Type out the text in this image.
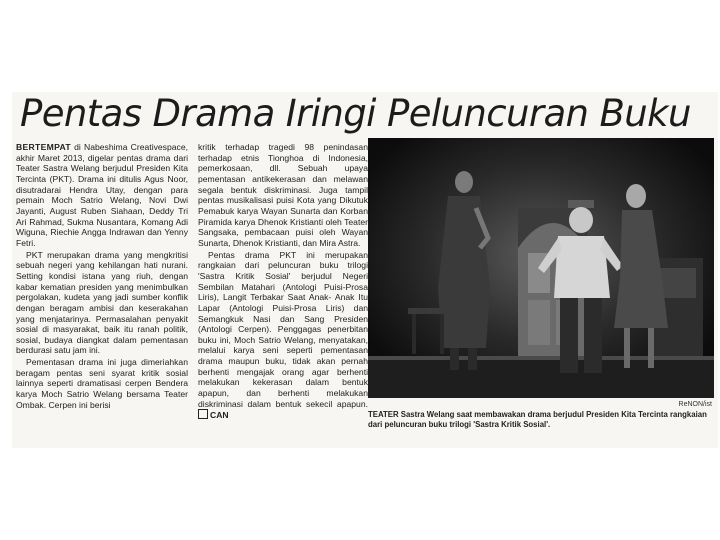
Pentas Drama Iringi Peluncuran Buku

BERTEMPAT di Nabeshima Creativespace, akhir Maret 2013, digelar pentas drama dari Teater Sastra Welang berjudul Presiden Kita Tercinta (PKT). Drama ini ditulis Agus Noor, disutradarai Hendra Utay, dengan para pemain Moch Satrio Welang, Novi Dwi Jayanti, August Ruben Siahaan, Deddy Tri Ari Rahmad, Sukma Nusantara, Komang Adi Wiguna, Riechie Angga Indrawan dan Yenny Fetri.

PKT merupakan drama yang mengkritisi sebuah negeri yang kehilangan hati nurani. Setting kondisi istana yang riuh, dengan kabar kematian presiden yang menimbulkan pergolakan, kudeta yang jadi sumber konflik dengan beragam ambisi dan keserakahan yang menjatarinya. Permasalahan penyakit sosial di masyarakat, baik itu ranah politik, sosial, budaya diangkat dalam pementasan berdurasi satu jam ini.

Pementasan drama ini juga dimeriahkan beragam pentas seni syarat kritik sosial lainnya seperti dramatisasi cerpen Bendera karya Moch Satrio Welang bersama Teater Ombak. Cerpen ini berisi

kritik terhadap tragedi 98 penindasan terhadap etnis Tionghoa di Indonesia, pemerkosaan, dll. Sebuah upaya pementasan antikekerasan dan melawan segala bentuk diskriminasi. Juga tampil pentas musikalisasi puisi Kota yang Dikutuk Pemabuk karya Wayan Sunarta dan Korban Piramida karya Dhenok Kristianti oleh Teater Sangsaka, pembacaan puisi oleh Wayan Sunarta, Dhenok Kristianti, dan Mira Astra.

Pentas drama PKT ini merupakan rangkaian dari peluncuran buku trilogi 'Sastra Kritik Sosial' berjudul Negeri Sembilan Matahari (Antologi Puisi-Prosa Liris), Langit Terbakar Saat Anak- Anak Itu Lapar (Antologi Puisi-Prosa Liris) dan Semangkuk Nasi dan Sang Presiden (Antologi Cerpen). Penggagas penerbitan buku ini, Moch Satrio Welang, menyatakan, melalui karya seni seperti pementasan drama maupun buku, tidak akan pernah berhenti mengajak orang agar berhenti melakukan kekerasan dalam bentuk apapun, dan berhenti melakukan diskriminasi dalam bentuk sekecil apapun. CAN

ReNON/ist
TEATER Sastra Welang saat membawakan drama berjudul Presiden Kita Tercinta rangkaian dari peluncuran buku trilogi 'Sastra Kritik Sosial'.
